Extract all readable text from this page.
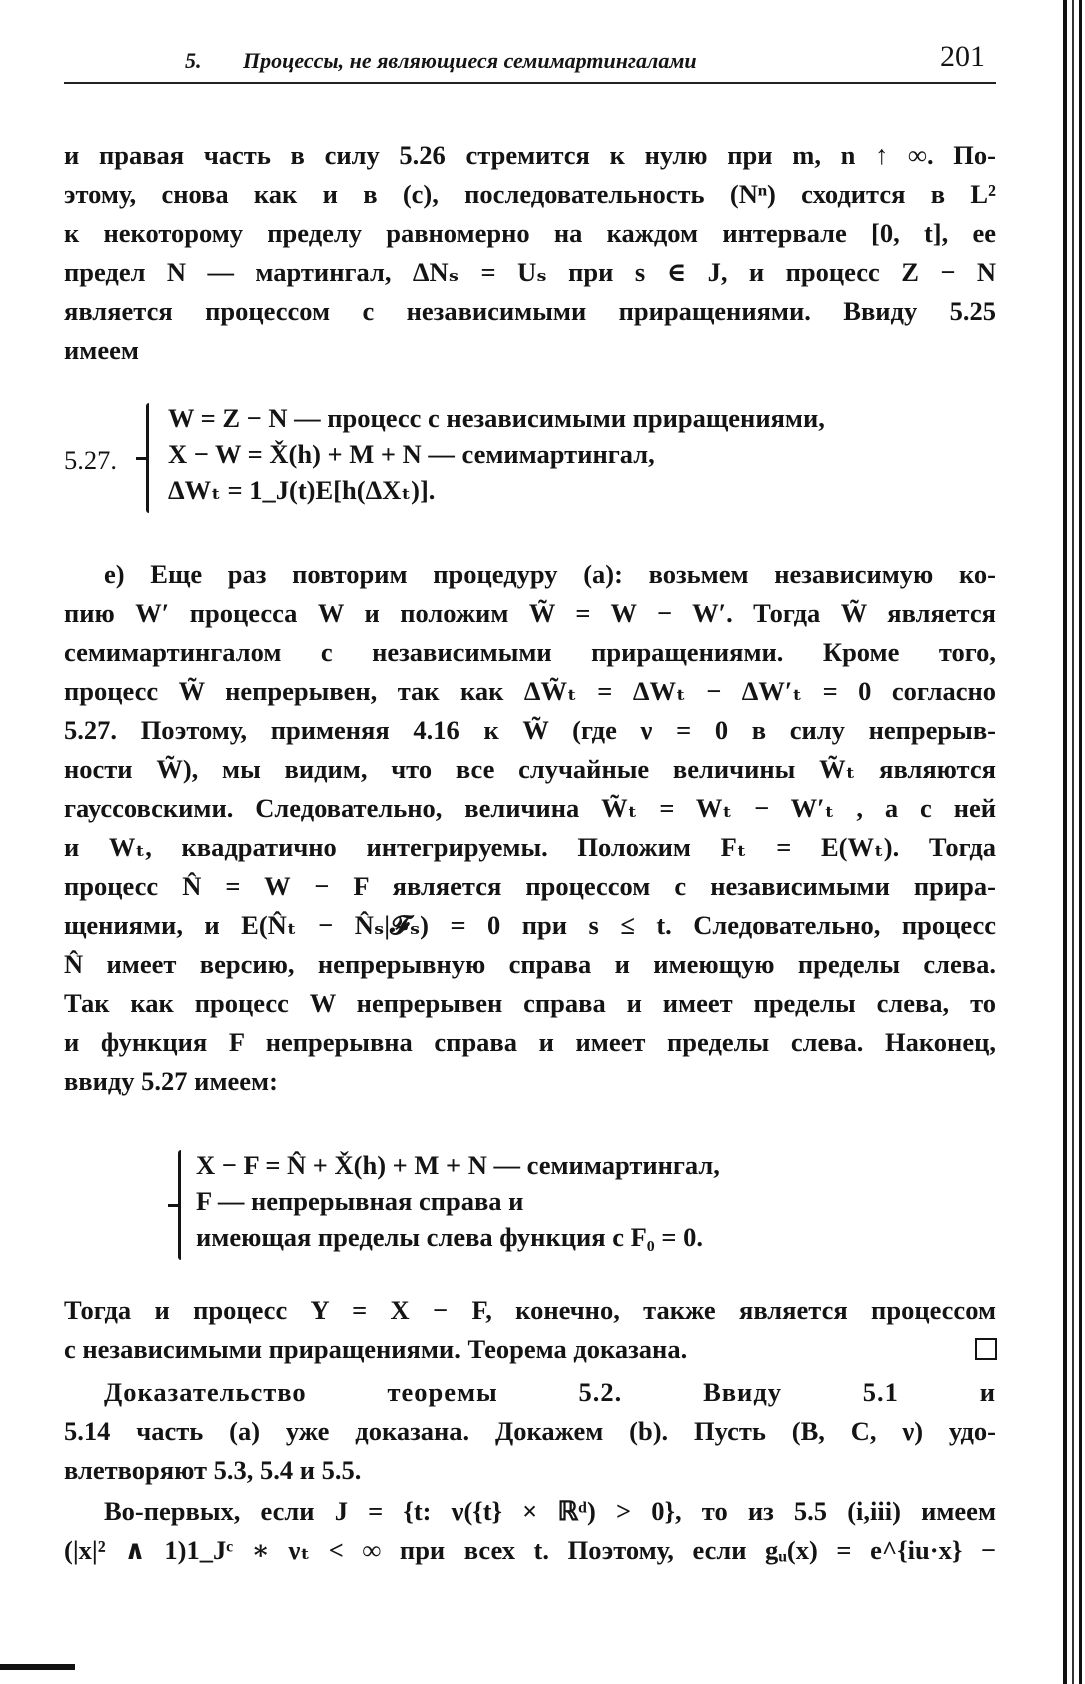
5. Процессы, не являющиеся семимартингалами	201
и правая часть в силу 5.26 стремится к нулю при m, n ↑ ∞. По-
этому, снова как и в (с), последовательность (Nⁿ) сходится в L²
к некоторому пределу равномерно на каждом интервале [0, t], ее
предел N — мартингал, ΔNₛ = Uₛ при s ∈ J, и процесс Z − N
является процессом с независимыми приращениями. Ввиду 5.25
имеем
5.27.
W = Z − N — процесс с независимыми приращениями,
X − W = X̌(h) + M + N — семимартингал,
ΔWₜ = 1_J(t)E[h(ΔXₜ)].
е) Еще раз повторим процедуру (а): возьмем независимую ко-
пию W′ процесса W и положим W̃ = W − W′. Тогда W̃ является
семимартингалом с независимыми приращениями. Кроме того,
процесс W̃ непрерывен, так как ΔW̃ₜ = ΔWₜ − ΔW′ₜ = 0 согласно
5.27. Поэтому, применяя 4.16 к W̃ (где ν = 0 в силу непрерыв-
ности W̃), мы видим, что все случайные величины W̃ₜ являются
гауссовскими. Следовательно, величина W̃ₜ = Wₜ − W′ₜ , а с ней
и Wₜ, квадратично интегрируемы. Положим Fₜ = E(Wₜ). Тогда
процесс N̂ = W − F является процессом с независимыми прира-
щениями, и E(N̂ₜ − N̂ₛ|𝓕ₛ) = 0 при s ≤ t. Следовательно, процесс
N̂ имеет версию, непрерывную справа и имеющую пределы слева.
Так как процесс W непрерывен справа и имеет пределы слева, то
и функция F непрерывна справа и имеет пределы слева. Наконец,
ввиду 5.27 имеем:
X − F = N̂ + X̌(h) + M + N — семимартингал,
F — непрерывная справа и
имеющая пределы слева функция с F₀ = 0.
Тогда и процесс Y = X − F, конечно, также является процессом
с независимыми приращениями. Теорема доказана.
Доказательство теоремы 5.2. Ввиду 5.1 и
5.14 часть (а) уже доказана. Докажем (b). Пусть (B, C, ν) удо-
влетворяют 5.3, 5.4 и 5.5.
Во-первых, если J = {t: ν({t} × ℝᵈ) > 0}, то из 5.5 (i,iii) имеем
(|x|² ∧ 1)1_Jᶜ ∗ νₜ < ∞ при всех t. Поэтому, если gᵤ(x) = e^{iu·x} −
